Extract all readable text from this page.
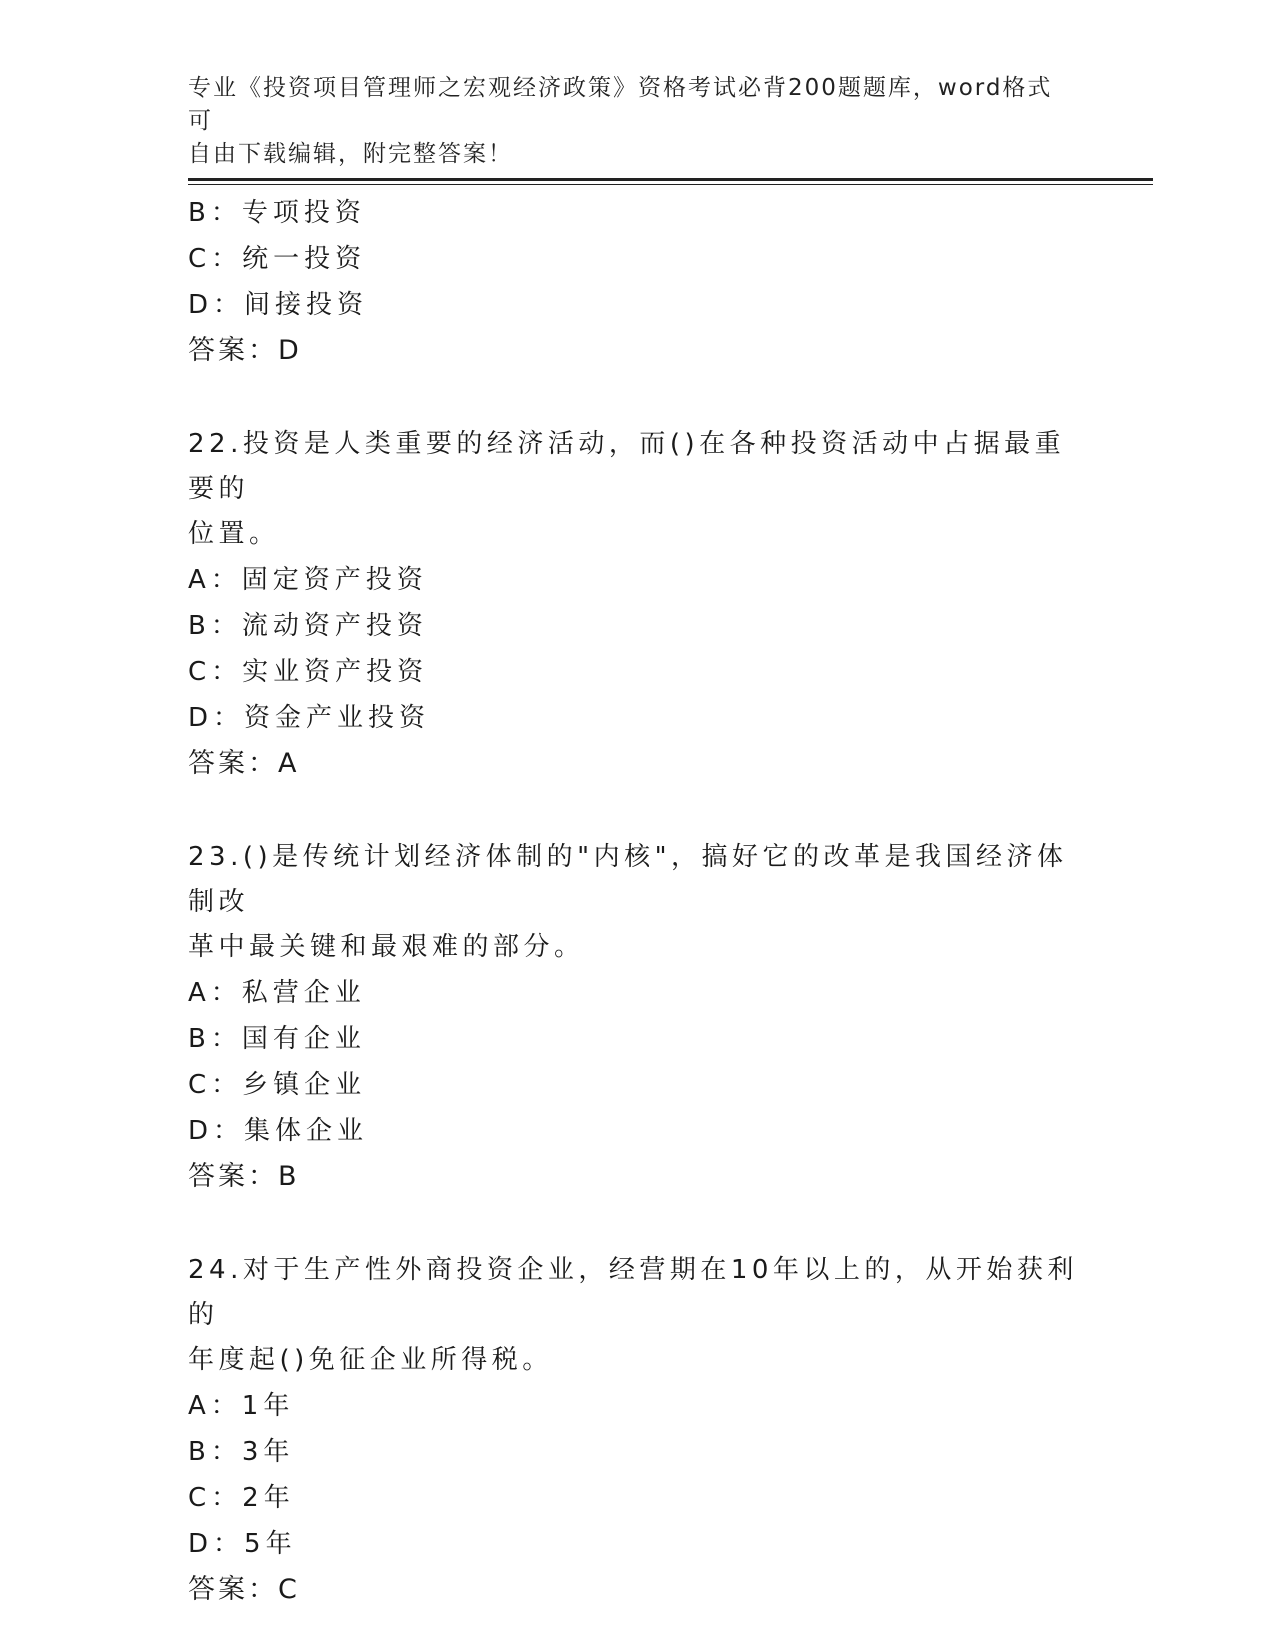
专业《投资项目管理师之宏观经济政策》资格考试必背200题题库，word格式可
自由下载编辑，附完整答案！
B：专项投资
C：统一投资
D：间接投资
答案：D
22.投资是人类重要的经济活动，而()在各种投资活动中占据最重要的
位置。
A：固定资产投资
B：流动资产投资
C：实业资产投资
D：资金产业投资
答案：A
23.()是传统计划经济体制的"内核"，搞好它的改革是我国经济体制改
革中最关键和最艰难的部分。
A：私营企业
B：国有企业
C：乡镇企业
D：集体企业
答案：B
24.对于生产性外商投资企业，经营期在10年以上的，从开始获利的
年度起()免征企业所得税。
A：1年
B：3年
C：2年
D：5年
答案：C
